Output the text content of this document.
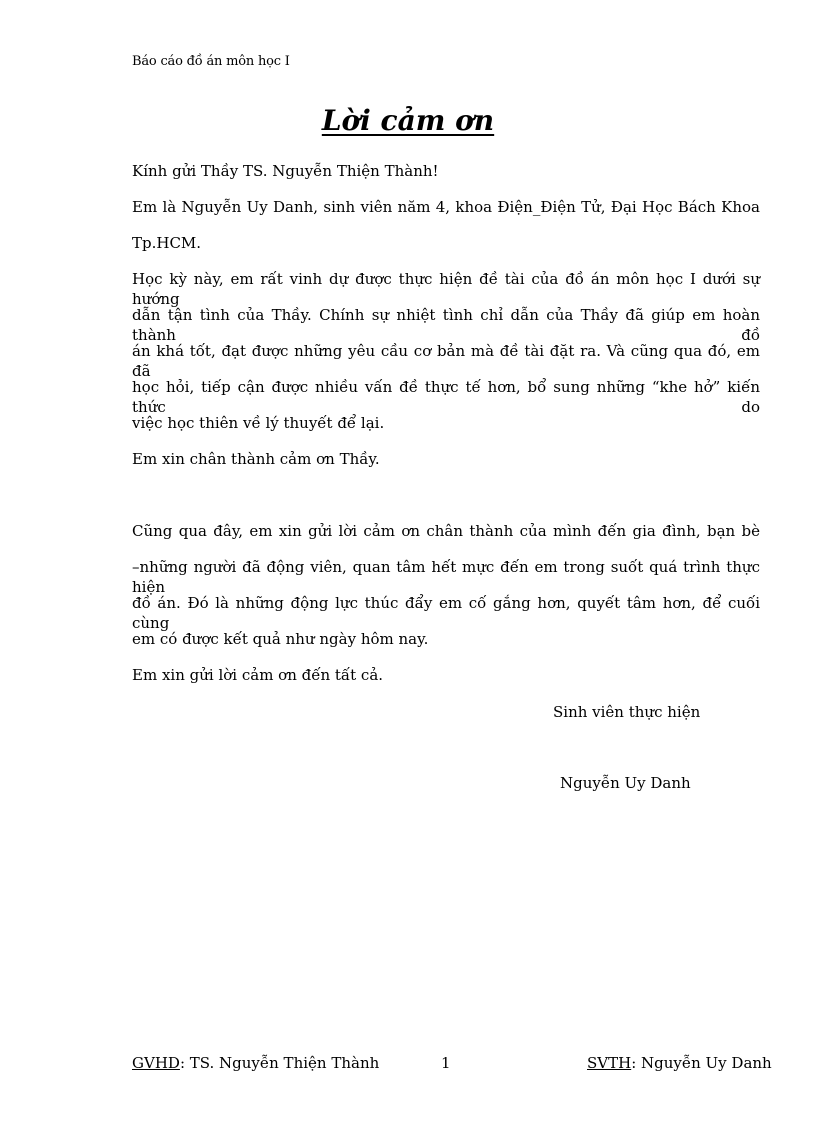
Báo cáo đồ án môn học I
Lời cảm ơn
Kính gửi Thầy TS. Nguyễn Thiện Thành!
Em là Nguyễn Uy Danh, sinh viên năm 4, khoa Điện_Điện Tử, Đại Học Bách Khoa
Tp.HCM.
Học kỳ này, em rất vinh dự được thực hiện đề tài của đồ án môn học I dưới sự hướng
dẫn tận tình của Thầy. Chính sự nhiệt tình chỉ dẫn của Thầy đã giúp em hoàn thành đồ
án khá tốt, đạt được những yêu cầu cơ bản mà đề tài đặt ra. Và cũng qua đó, em đã
học hỏi, tiếp cận được nhiều vấn đề thực tế hơn, bổ sung những “khe hở” kiến thức do
việc học thiên về lý thuyết để lại.
Em xin chân thành cảm ơn Thầy.
Cũng qua đây, em xin gửi lời cảm ơn chân thành của mình đến gia đình, bạn bè
–những người đã động viên, quan tâm hết mực đến em trong suốt quá trình thực hiện
đồ án. Đó là những động lực thúc đẩy em cố gắng hơn, quyết tâm hơn, để cuối cùng
em có được kết quả như ngày hôm nay.
Em xin gửi lời cảm ơn đến tất cả.
Sinh viên thực hiện
Nguyễn Uy Danh
GVHD: TS. Nguyễn Thiện Thành	1	SVTH: Nguyễn Uy Danh
